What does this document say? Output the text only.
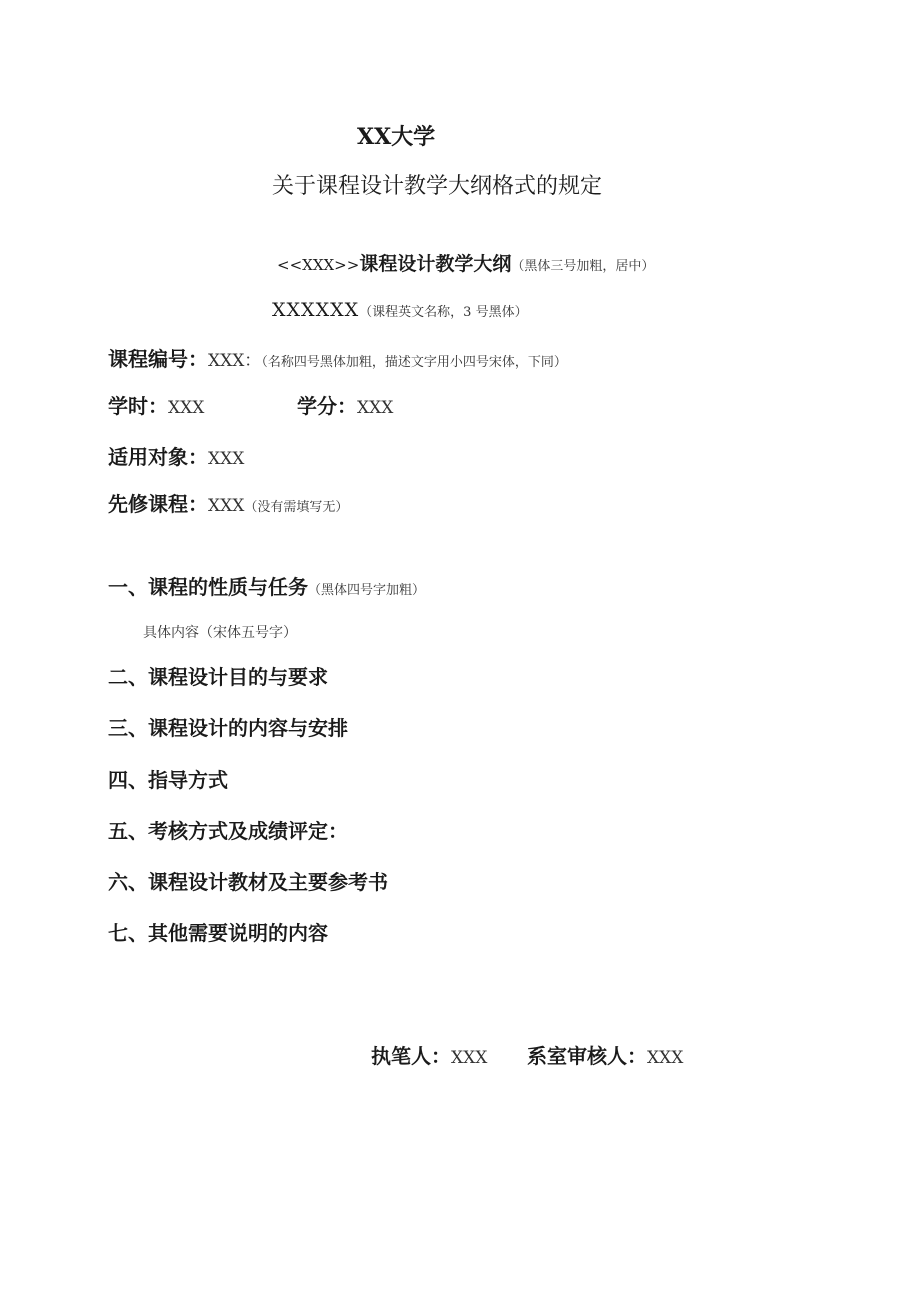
XX大学
关于课程设计教学大纲格式的规定
<<XXX>>课程设计教学大纲（黑体三号加粗，居中）
XXXXXX（课程英文名称，3 号黑体）
课程编号：XXX：（名称四号黑体加粗，描述文字用小四号宋体，下同）
学时：XXX	学分：XXX
适用对象：XXX
先修课程：XXX（没有需填写无）
一、课程的性质与任务（黑体四号字加粗）
具体内容（宋体五号字）
二、课程设计目的与要求
三、课程设计的内容与安排
四、指导方式
五、考核方式及成绩评定：
六、课程设计教材及主要参考书
七、其他需要说明的内容
执笔人：XXX 系室审核人：XXX
